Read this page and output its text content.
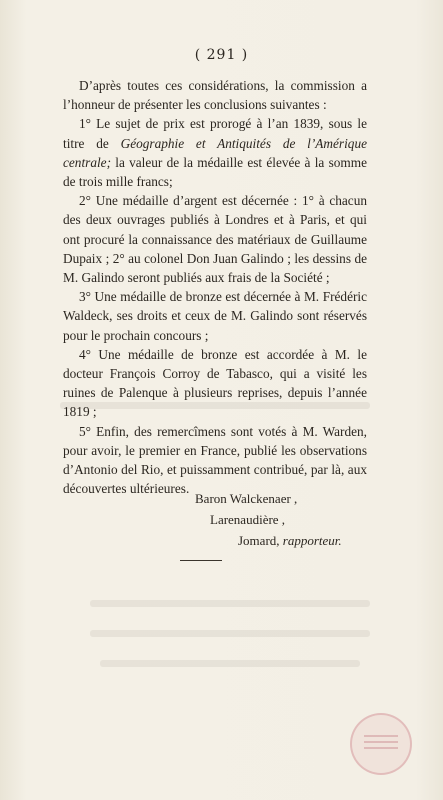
( 291 )

D’après toutes ces considérations, la commission a l’honneur de présenter les conclusions suivantes :

1° Le sujet de prix est prorogé à l’an 1839, sous le titre de Géographie et Antiquités de l’Amérique centrale; la valeur de la médaille est élevée à la somme de trois mille francs;

2° Une médaille d’argent est décernée : 1° à chacun des deux ouvrages publiés à Londres et à Paris, et qui ont procuré la connaissance des matériaux de Guillaume Dupaix ; 2° au colonel Don Juan Galindo ; les dessins de M. Galindo seront publiés aux frais de la Société ;

3° Une médaille de bronze est décernée à M. Frédéric Waldeck, ses droits et ceux de M. Galindo sont réservés pour le prochain concours ;

4° Une médaille de bronze est accordée à M. le docteur François Corroy de Tabasco, qui a visité les ruines de Palenque à plusieurs reprises, depuis l’année 1819 ;

5° Enfin, des remercîmens sont votés à M. Warden, pour avoir, le premier en France, publié les observations d’Antonio del Rio, et puissamment contribué, par là, aux découvertes ultérieures.

Baron Walckenaer ,
Larenaudière ,
Jomard, rapporteur.
